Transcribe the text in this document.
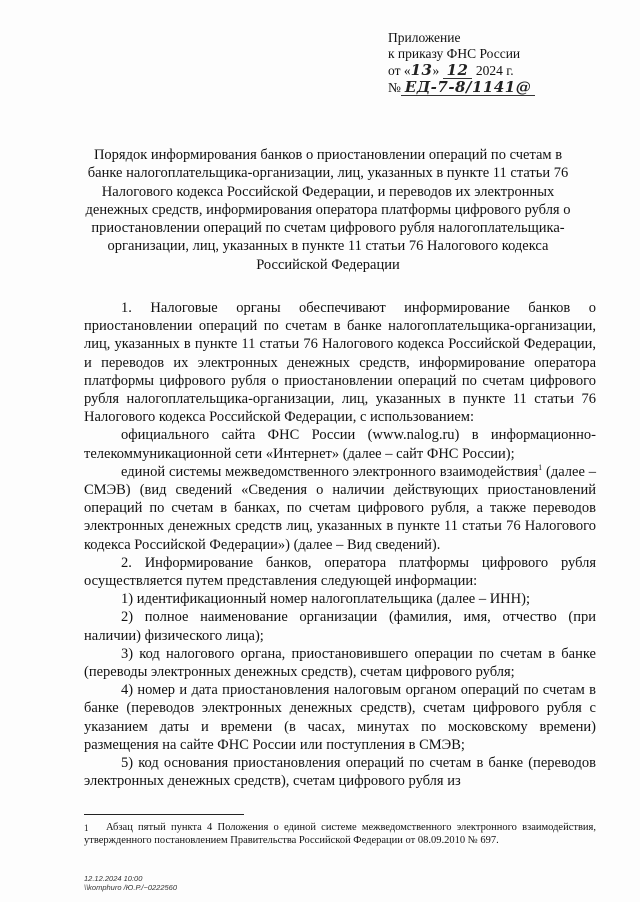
Приложение
к приказу ФНС России
от «13» 12 2024 г.
№ ЕД-7-8/1141@
Порядок информирования банков о приостановлении операций по счетам в банке налогоплательщика-организации, лиц, указанных в пункте 11 статьи 76 Налогового кодекса Российской Федерации, и переводов их электронных денежных средств, информирования оператора платформы цифрового рубля о приостановлении операций по счетам цифрового рубля налогоплательщика-организации, лиц, указанных в пункте 11 статьи 76 Налогового кодекса Российской Федерации

1. Налоговые органы обеспечивают информирование банков о приостановлении операций по счетам в банке налогоплательщика-организации, лиц, указанных в пункте 11 статьи 76 Налогового кодекса Российской Федерации, и переводов их электронных денежных средств, информирование оператора платформы цифрового рубля о приостановлении операций по счетам цифрового рубля налогоплательщика-организации, лиц, указанных в пункте 11 статьи 76 Налогового кодекса Российской Федерации, с использованием:

официального сайта ФНС России (www.nalog.ru) в информационно-телекоммуникационной сети «Интернет» (далее – сайт ФНС России);

единой системы межведомственного электронного взаимодействия$^1$ (далее – СМЭВ) (вид сведений «Сведения о наличии действующих приостановлений операций по счетам в банках, по счетам цифрового рубля, а также переводов электронных денежных средств лиц, указанных в пункте 11 статьи 76 Налогового кодекса Российской Федерации») (далее – Вид сведений).

2. Информирование банков, оператора платформы цифрового рубля осуществляется путем представления следующей информации:

1) идентификационный номер налогоплательщика (далее – ИНН);

2) полное наименование организации (фамилия, имя, отчество (при наличии) физического лица);

3) код налогового органа, приостановившего операции по счетам в банке (переводы электронных денежных средств), счетам цифрового рубля;

4) номер и дата приостановления налоговым органом операций по счетам в банке (переводов электронных денежных средств), счетам цифрового рубля с указанием даты и времени (в часах, минутах по московскому времени) размещения на сайте ФНС России или поступления в СМЭВ;

5) код основания приостановления операций по счетам в банке (переводов электронных денежных средств), счетам цифрового рубля из

1 Абзац пятый пункта 4 Положения о единой системе межведомственного электронного взаимодействия, утвержденного постановлением Правительства Российской Федерации от 08.09.2010 № 697.
12.12.2024 10:00
\\komphuro /Ю.Р./~0222560
